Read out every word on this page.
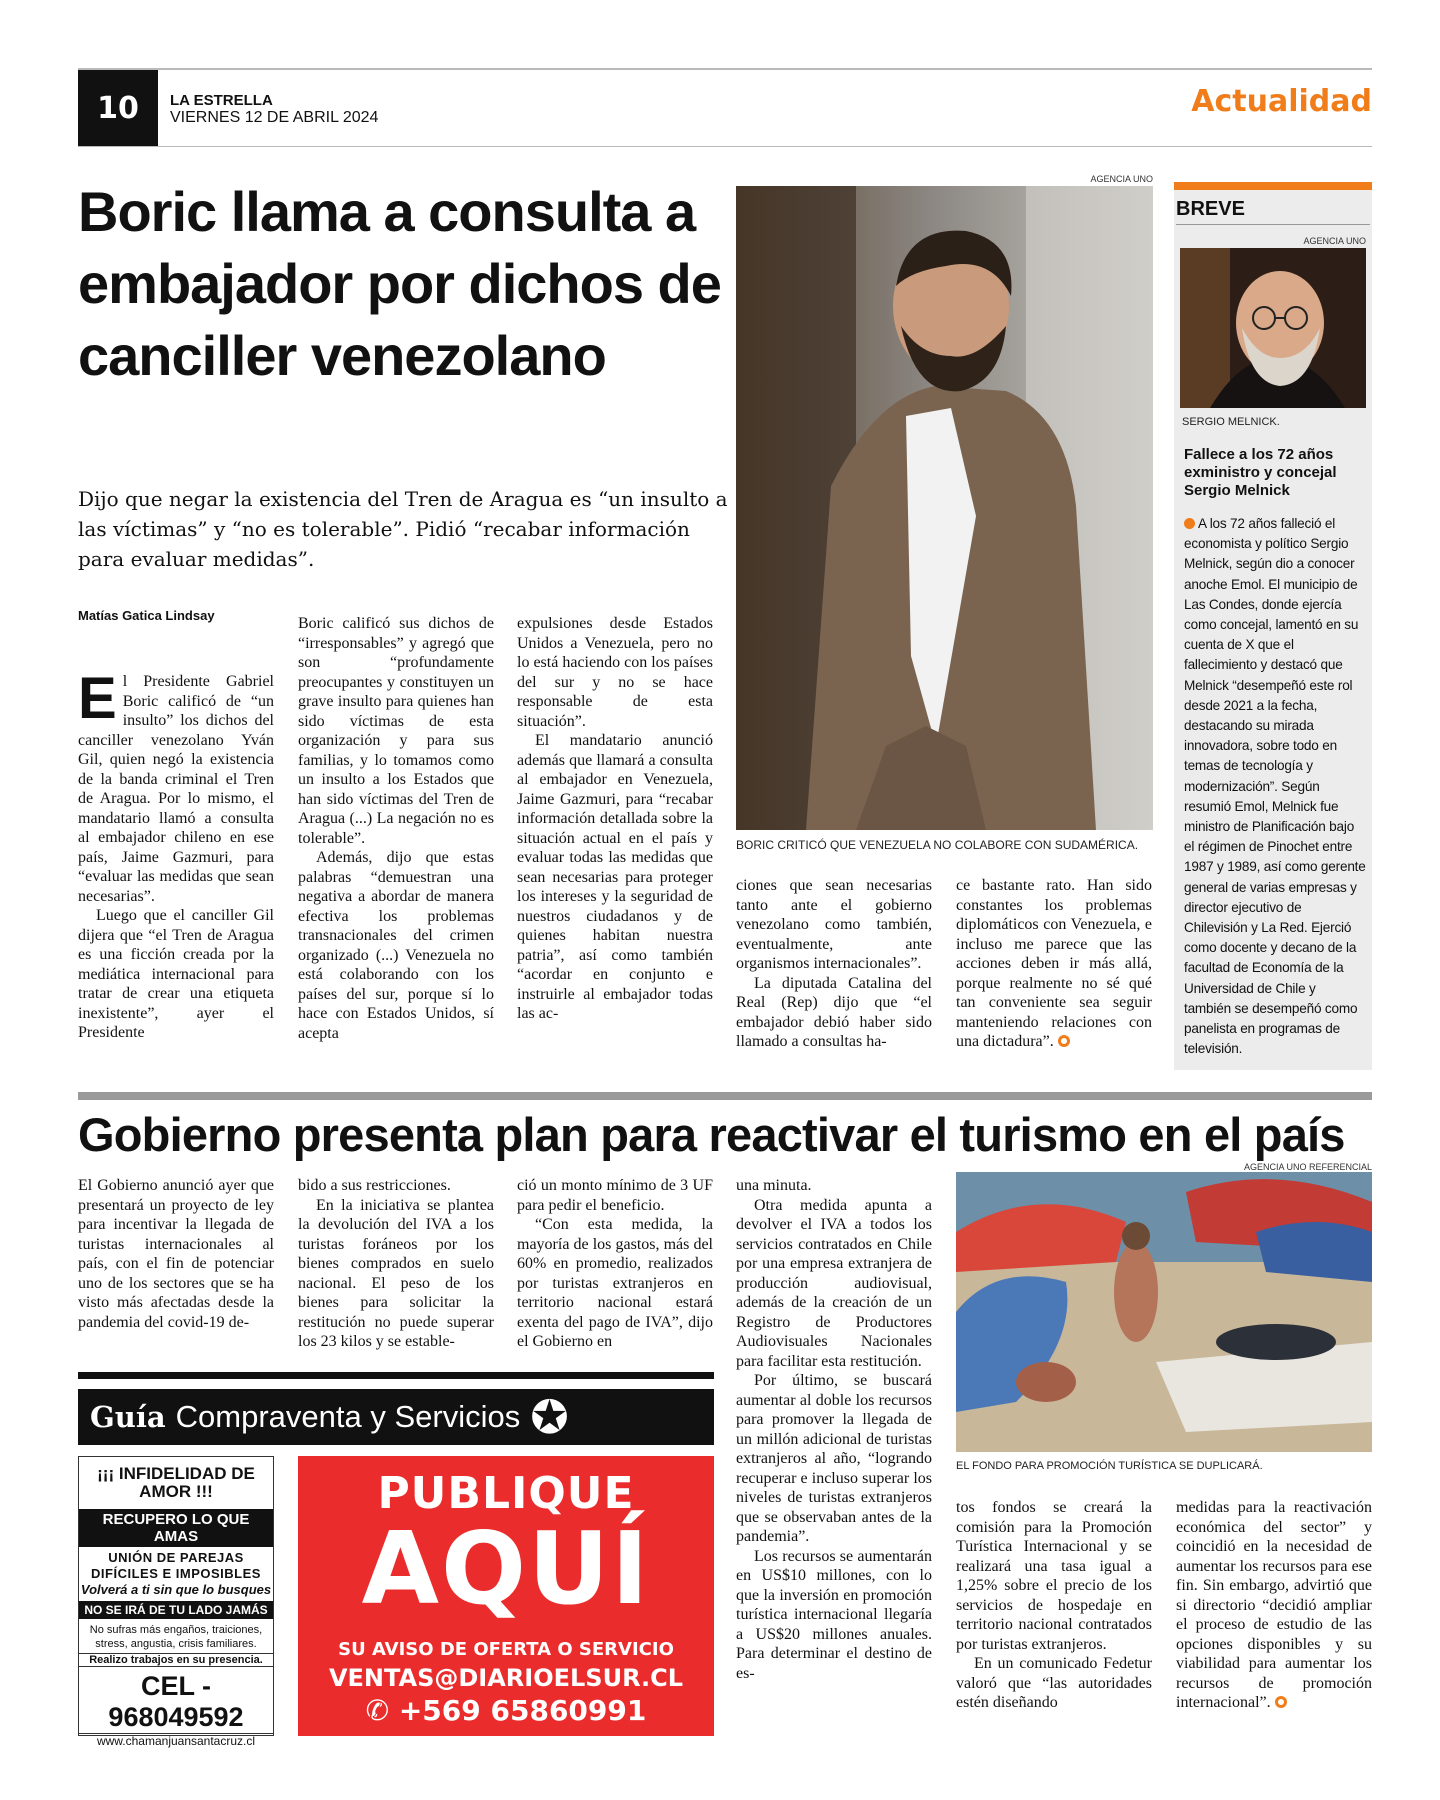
10	LA ESTRELLA
VIERNES 12 DE ABRIL 2024	Actualidad
Boric llama a consulta a embajador por dichos de canciller venezolano
Dijo que negar la existencia del Tren de Aragua es “un insulto a las víctimas” y “no es tolerable”. Pidió “recabar información para evaluar medidas”.
Matías Gatica Lindsay

El Presidente Gabriel Boric calificó de “un insulto” los dichos del canciller venezolano Yván Gil, quien negó la existencia de la banda criminal el Tren de Aragua. Por lo mismo, el mandatario llamó a consulta al embajador chileno en ese país, Jaime Gazmuri, para “evaluar las medidas que sean necesarias”.

Luego que el canciller Gil dijera que “el Tren de Aragua es una ficción creada por la mediática internacional para tratar de crear una etiqueta inexistente”, ayer el Presidente

Boric calificó sus dichos de “irresponsables” y agregó que son “profundamente preocupantes y constituyen un grave insulto para quienes han sido víctimas de esta organización y para sus familias, y lo tomamos como un insulto a los Estados que han sido víctimas del Tren de Aragua (...) La negación no es tolerable”.

Además, dijo que estas palabras “demuestran una negativa a abordar de manera efectiva los problemas transnacionales del crimen organizado (...) Venezuela no está colaborando con los países del sur, porque sí lo hace con Estados Unidos, sí acepta

expulsiones desde Estados Unidos a Venezuela, pero no lo está haciendo con los países del sur y no se hace responsable de esta situación”.

El mandatario anunció además que llamará a consulta al embajador en Venezuela, Jaime Gazmuri, para “recabar información detallada sobre la situación actual en el país y evaluar todas las medidas que sean necesarias para proteger los intereses y la seguridad de nuestros ciudadanos y de quienes habitan nuestra patria”, así como también “acordar en conjunto e instruirle al embajador todas las ac-

ciones que sean necesarias tanto ante el gobierno venezolano como también, eventualmente, ante organismos internacionales”.

La diputada Catalina del Real (Rep) dijo que “el embajador debió haber sido llamado a consultas ha-

ce bastante rato. Han sido constantes los problemas diplomáticos con Venezuela, e incluso me parece que las acciones deben ir más allá, porque realmente no sé qué tan conveniente sea seguir manteniendo relaciones con una dictadura”.

AGENCIA UNO
BORIC CRITICÓ QUE VENEZUELA NO COLABORE CON SUDAMÉRICA.
BREVE
AGENCIA UNO
SERGIO MELNICK.
Fallece a los 72 años exministro y concejal Sergio Melnick
A los 72 años falleció el economista y político Sergio Melnick, según dio a conocer anoche Emol. El municipio de Las Condes, donde ejercía como concejal, lamentó en su cuenta de X que el fallecimiento y destacó que Melnick “desempeñó este rol desde 2021 a la fecha, destacando su mirada innovadora, sobre todo en temas de tecnología y modernización”. Según resumió Emol, Melnick fue ministro de Planificación bajo el régimen de Pinochet entre 1987 y 1989, así como gerente general de varias empresas y director ejecutivo de Chilevisión y La Red. Ejerció como docente y decano de la facultad de Economía de la Universidad de Chile y también se desempeñó como panelista en programas de televisión.
Gobierno presenta plan para reactivar el turismo en el país
AGENCIA UNO REFERENCIAL

El Gobierno anunció ayer que presentará un proyecto de ley para incentivar la llegada de turistas internacionales al país, con el fin de potenciar uno de los sectores que se ha visto más afectadas desde la pandemia del covid-19 de-

bido a sus restricciones.

En la iniciativa se plantea la devolución del IVA a los turistas foráneos por los bienes comprados en suelo nacional. El peso de los bienes para solicitar la restitución no puede superar los 23 kilos y se estable-

ció un monto mínimo de 3 UF para pedir el beneficio.

“Con esta medida, la mayoría de los gastos, más del 60% en promedio, realizados por turistas extranjeros en territorio nacional estará exenta del pago de IVA”, dijo el Gobierno en

una minuta.

Otra medida apunta a devolver el IVA a todos los servicios contratados en Chile por una empresa extranjera de producción audiovisual, además de la creación de un Registro de Productores Audiovisuales Nacionales para facilitar esta restitución.

Por último, se buscará aumentar al doble los recursos para promover la llegada de un millón adicional de turistas extranjeros al año, “logrando recuperar e incluso superar los niveles de turistas extranjeros que se observaban antes de la pandemia”.

Los recursos se aumentarán en US$10 millones, con lo que la inversión en promoción turística internacional llegaría a US$20 millones anuales. Para determinar el destino de es-

EL FONDO PARA PROMOCIÓN TURÍSTICA SE DUPLICARÁ.

tos fondos se creará la comisión para la Promoción Turística Internacional y se realizará una tasa igual a 1,25% sobre el precio de los servicios de hospedaje en territorio nacional contratados por turistas extranjeros.

En un comunicado Fedetur valoró que “las autoridades estén diseñando

medidas para la reactivación económica del sector” y coincidió en la necesidad de aumentar los recursos para ese fin. Sin embargo, advirtió que si directorio “decidió ampliar el proceso de estudio de las opciones disponibles y su viabilidad para aumentar los recursos de promoción internacional”.

Guía Compraventa y Servicios ✪
¡¡¡ INFIDELIDAD DE AMOR !!!
RECUPERO LO QUE AMAS
UNIÓN DE PAREJAS DIFÍCILES E IMPOSIBLES
Volverá a ti sin que lo busques
NO SE IRÁ DE TU LADO JAMÁS
No sufras más engaños, traiciones, stress, angustia, crisis familiares.
Realizo trabajos en su presencia.
CEL - 968049592
www.chamanjuansantacruz.cl
PUBLIQUE
AQUÍ
SU AVISO DE OFERTA O SERVICIO
VENTAS@DIARIOELSUR.CL
✆ +569 65860991
